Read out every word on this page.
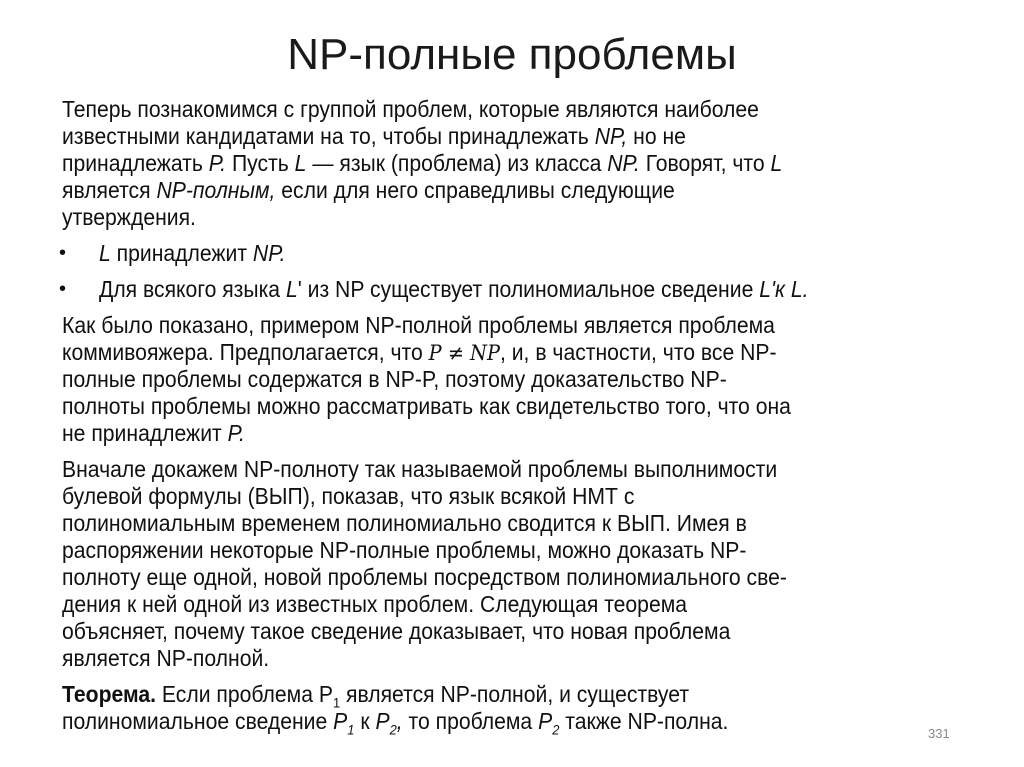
NP-полные проблемы
Теперь познакомимся с группой проблем, которые являются наиболее
известными кандидатами на то, чтобы принадлежать NP, но не
принадлежать P. Пусть L — язык (проблема) из класса NP. Говорят, что L
является NP-полным, если для него справедливы следующие
утверждения.
• L принадлежит NP.
• Для всякого языка L' из NP существует полиномиальное сведение L'к L.
Как было показано, примером NP-полной проблемы является проблема
коммивояжера. Предполагается, что P ≠ NP, и, в частности, что все NP-
полные проблемы содержатся в NP-P, поэтому доказательство NP-
полноты проблемы можно рассматривать как свидетельство того, что она
не принадлежит P.
Вначале докажем NP-полноту так называемой проблемы выполнимости
булевой формулы (ВЫП), показав, что язык всякой НМТ с
полиномиальным временем полиномиально сводится к ВЫП. Имея в
распоряжении некоторые NP-полные проблемы, можно доказать NP-
полноту еще одной, новой проблемы посредством полиномиального све-
дения к ней одной из известных проблем. Следующая теорема
объясняет, почему такое сведение доказывает, что новая проблема
является NP-полной.
Теорема. Если проблема $P_1$ является NP-полной, и существует
полиномиальное сведение $P_1$ к $P_2$, то проблема $P_2$ также NP-полна.	331
